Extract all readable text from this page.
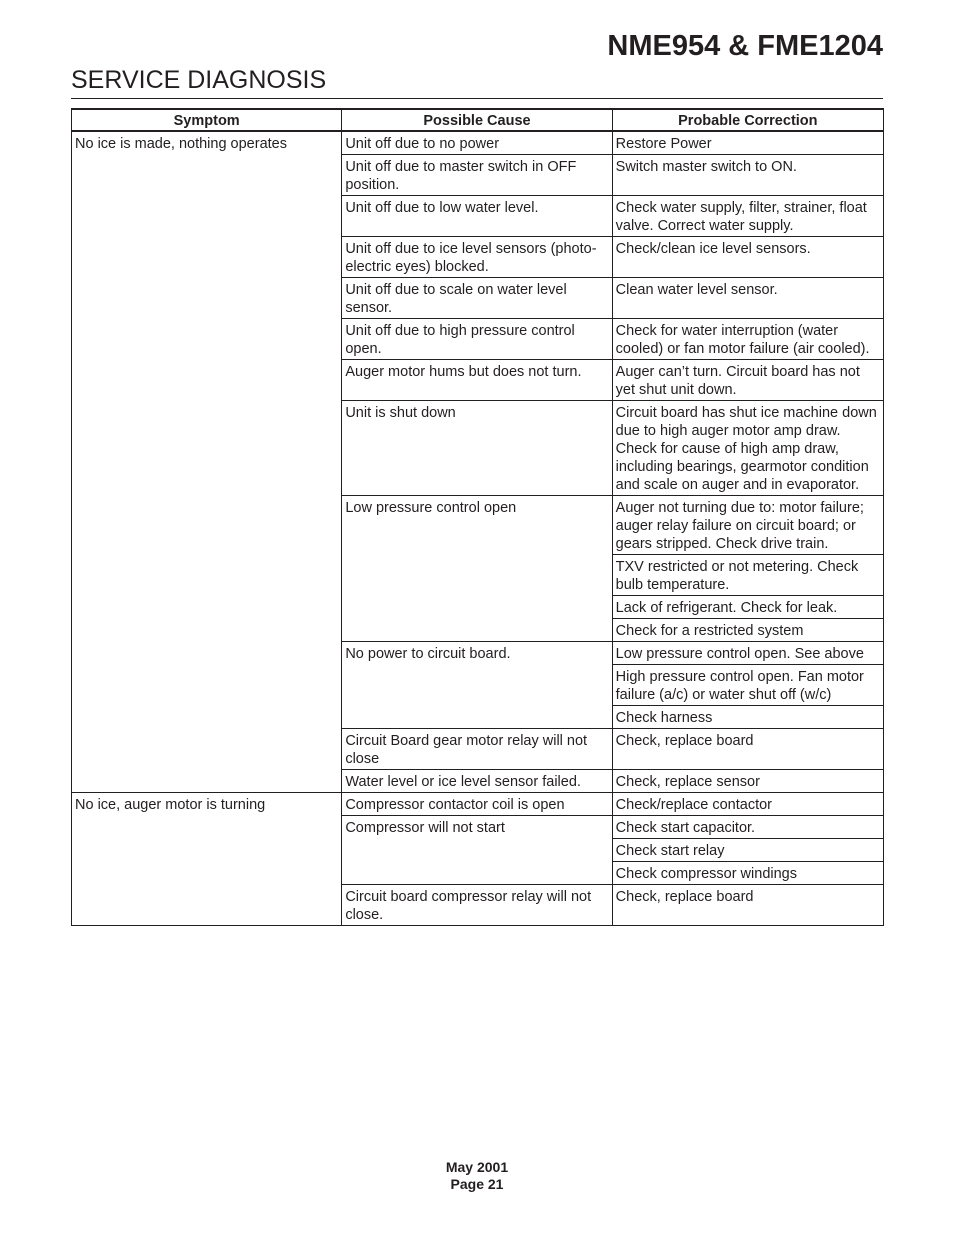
NME954 & FME1204
SERVICE DIAGNOSIS
Symptom	Possible Cause	Probable Correction
No ice is made, nothing operates	Unit off due to no power	Restore Power
	Unit off due to master switch in OFF position.	Switch master switch to ON.
	Unit off due to low water level.	Check water supply, filter, strainer, float valve. Correct water supply.
	Unit off due to ice level sensors (photo-electric eyes) blocked.	Check/clean ice level sensors.
	Unit off due to scale on water level sensor.	Clean water level sensor.
	Unit off due to high pressure control open.	Check for water interruption (water cooled) or fan motor failure (air cooled).
	Auger motor hums but does not turn.	Auger can’t turn. Circuit board has not yet shut unit down.
	Unit is shut down	Circuit board has shut ice machine down due to high auger motor amp draw. Check for cause of high amp draw, including bearings, gearmotor condition and scale on auger and in evaporator.
	Low pressure control open	Auger not turning due to: motor failure; auger relay failure on circuit board; or gears stripped. Check drive train.
		TXV restricted or not metering. Check bulb temperature.
		Lack of refrigerant. Check for leak.
		Check for a restricted system
	No power to circuit board.	Low pressure control open. See above
		High pressure control open. Fan motor failure (a/c) or water shut off (w/c)
		Check harness
	Circuit Board gear motor relay will not close	Check, replace board
	Water level or ice level sensor failed.	Check, replace sensor
No ice, auger motor is turning	Compressor contactor coil is open	Check/replace contactor
	Compressor will not start	Check start capacitor.
		Check start relay
		Check compressor windings
	Circuit board compressor relay will not close.	Check, replace board
May 2001
Page 21
